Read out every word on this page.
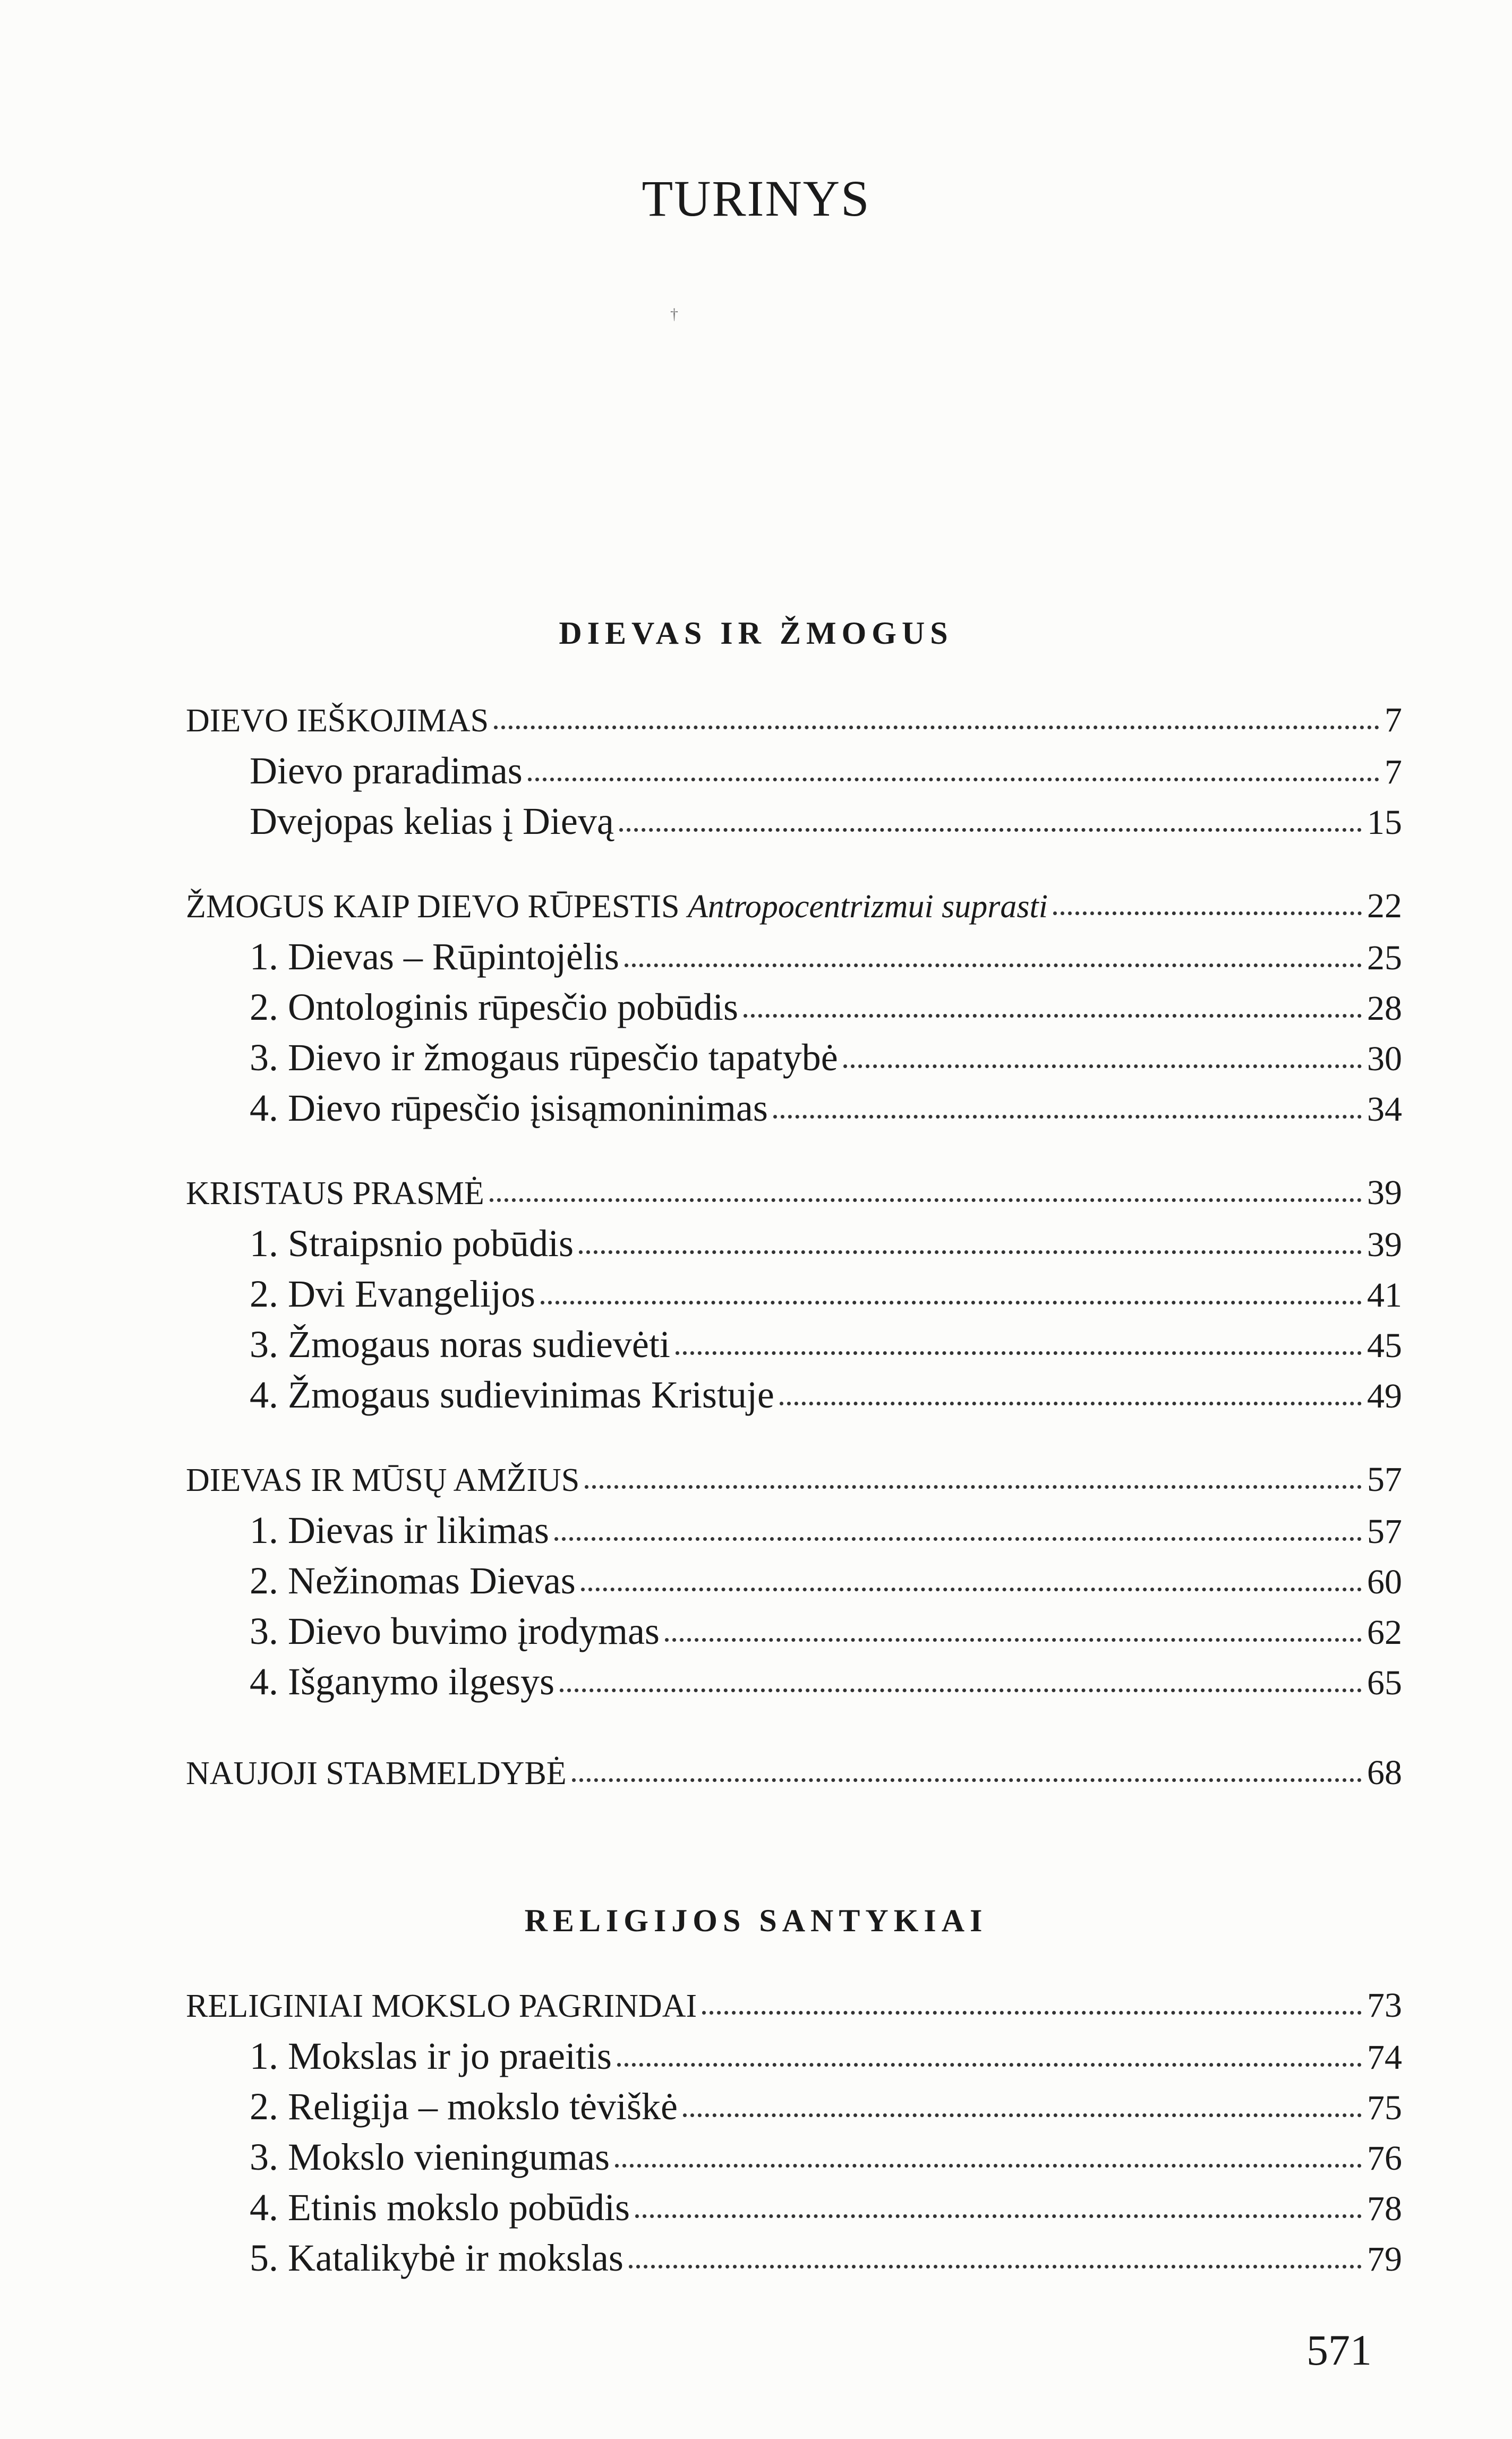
TURINYS
†
DIEVAS IR ŽMOGUS
DIEVO IEŠKOJIMAS	7
Dievo praradimas	7
Dvejopas kelias į Dievą	15
ŽMOGUS KAIP DIEVO RŪPESTIS Antropocentrizmui suprasti	22
1. Dievas – Rūpintojėlis	25
2. Ontologinis rūpesčio pobūdis	28
3. Dievo ir žmogaus rūpesčio tapatybė	30
4. Dievo rūpesčio įsisąmoninimas	34
KRISTAUS PRASMĖ	39
1. Straipsnio pobūdis	39
2. Dvi Evangelijos	41
3. Žmogaus noras sudievėti	45
4. Žmogaus sudievinimas Kristuje	49
DIEVAS IR MŪSŲ AMŽIUS	57
1. Dievas ir likimas	57
2. Nežinomas Dievas	60
3. Dievo buvimo įrodymas	62
4. Išganymo ilgesys	65
NAUJOJI STABMELDYBĖ	68
RELIGIJOS SANTYKIAI
RELIGINIAI MOKSLO PAGRINDAI	73
1. Mokslas ir jo praeitis	74
2. Religija – mokslo tėviškė	75
3. Mokslo vieningumas	76
4. Etinis mokslo pobūdis	78
5. Katalikybė ir mokslas	79
571
